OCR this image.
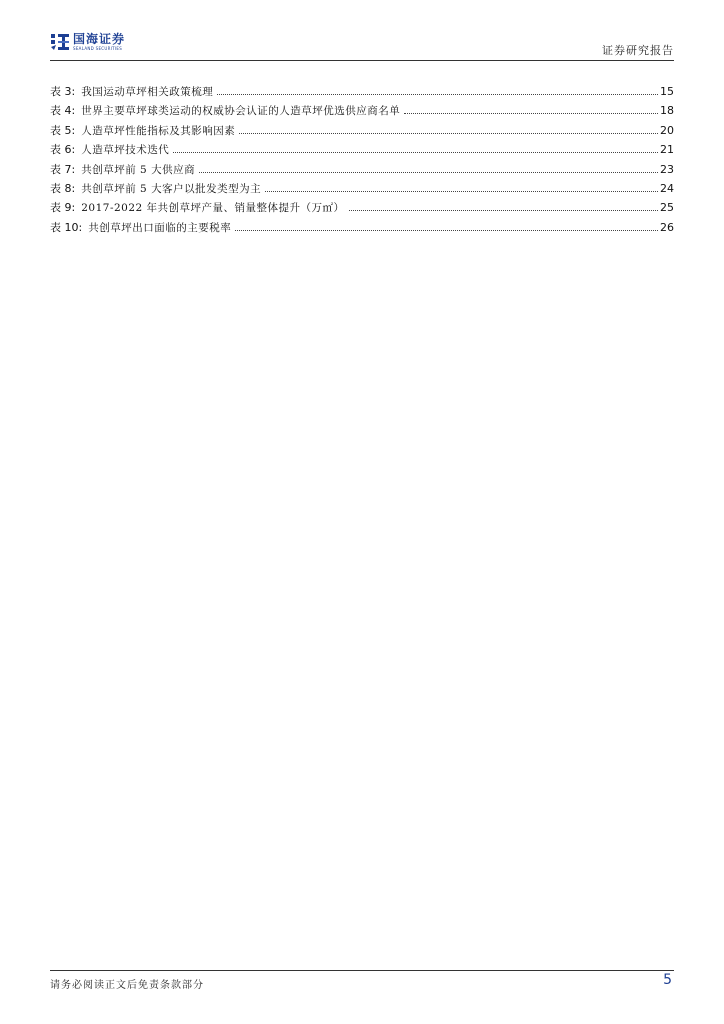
国海证券
SEALAND SECURITIES	证券研究报告
表 3: 我国运动草坪相关政策梳理	15
表 4: 世界主要草坪球类运动的权威协会认证的人造草坪优选供应商名单	18
表 5: 人造草坪性能指标及其影响因素	20
表 6: 人造草坪技术迭代	21
表 7: 共创草坪前 5 大供应商	23
表 8: 共创草坪前 5 大客户以批发类型为主	24
表 9: 2017-2022 年共创草坪产量、销量整体提升（万㎡）	25
表 10: 共创草坪出口面临的主要税率	26
请务必阅读正文后免责条款部分	5
